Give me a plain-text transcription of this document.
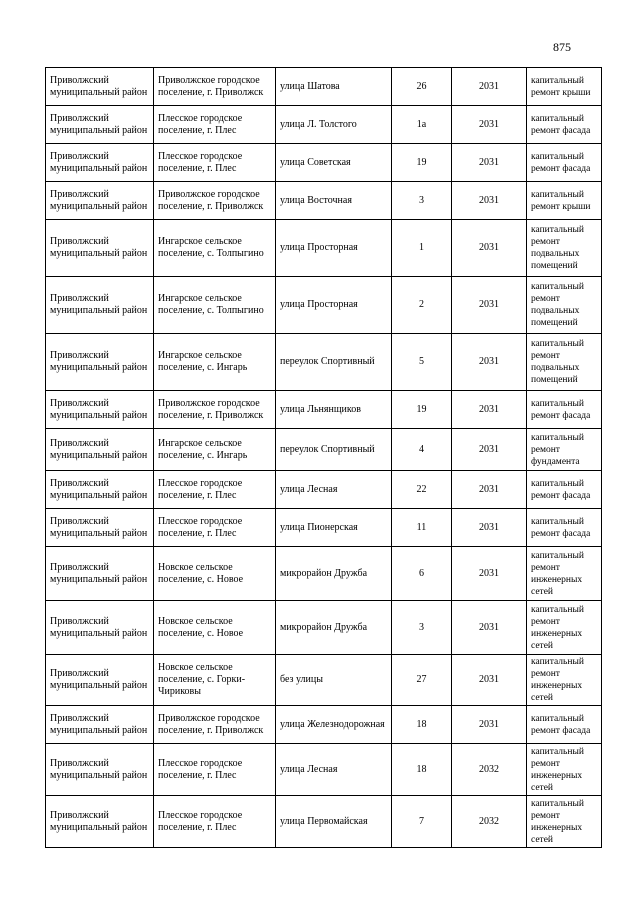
875
Приволжский муниципальный район	Приволжское городское поселение, г. Приволжск	улица Шатова	26	2031	капитальный ремонт крыши
Приволжский муниципальный район	Плесское городское поселение, г. Плес	улица Л. Толстого	1а	2031	капитальный ремонт фасада
Приволжский муниципальный район	Плесское городское поселение, г. Плес	улица Советская	19	2031	капитальный ремонт фасада
Приволжский муниципальный район	Приволжское городское поселение, г. Приволжск	улица Восточная	3	2031	капитальный ремонт крыши
Приволжский муниципальный район	Ингарское сельское поселение, с. Толпыгино	улица Просторная	1	2031	капитальный ремонт подвальных помещений
Приволжский муниципальный район	Ингарское сельское поселение, с. Толпыгино	улица Просторная	2	2031	капитальный ремонт подвальных помещений
Приволжский муниципальный район	Ингарское сельское поселение, с. Ингарь	переулок Спортивный	5	2031	капитальный ремонт подвальных помещений
Приволжский муниципальный район	Приволжское городское поселение, г. Приволжск	улица Льнянщиков	19	2031	капитальный ремонт фасада
Приволжский муниципальный район	Ингарское сельское поселение, с. Ингарь	переулок Спортивный	4	2031	капитальный ремонт фундамента
Приволжский муниципальный район	Плесское городское поселение, г. Плес	улица Лесная	22	2031	капитальный ремонт фасада
Приволжский муниципальный район	Плесское городское поселение, г. Плес	улица Пионерская	11	2031	капитальный ремонт фасада
Приволжский муниципальный район	Новское сельское поселение, с. Новое	микрорайон Дружба	6	2031	капитальный ремонт инженерных сетей
Приволжский муниципальный район	Новское сельское поселение, с. Новое	микрорайон Дружба	3	2031	капитальный ремонт инженерных сетей
Приволжский муниципальный район	Новское сельское поселение, с. Горки-Чириковы	без улицы	27	2031	капитальный ремонт инженерных сетей
Приволжский муниципальный район	Приволжское городское поселение, г. Приволжск	улица Железнодорожная	18	2031	капитальный ремонт фасада
Приволжский муниципальный район	Плесское городское поселение, г. Плес	улица Лесная	18	2032	капитальный ремонт инженерных сетей
Приволжский муниципальный район	Плесское городское поселение, г. Плес	улица Первомайская	7	2032	капитальный ремонт инженерных сетей
